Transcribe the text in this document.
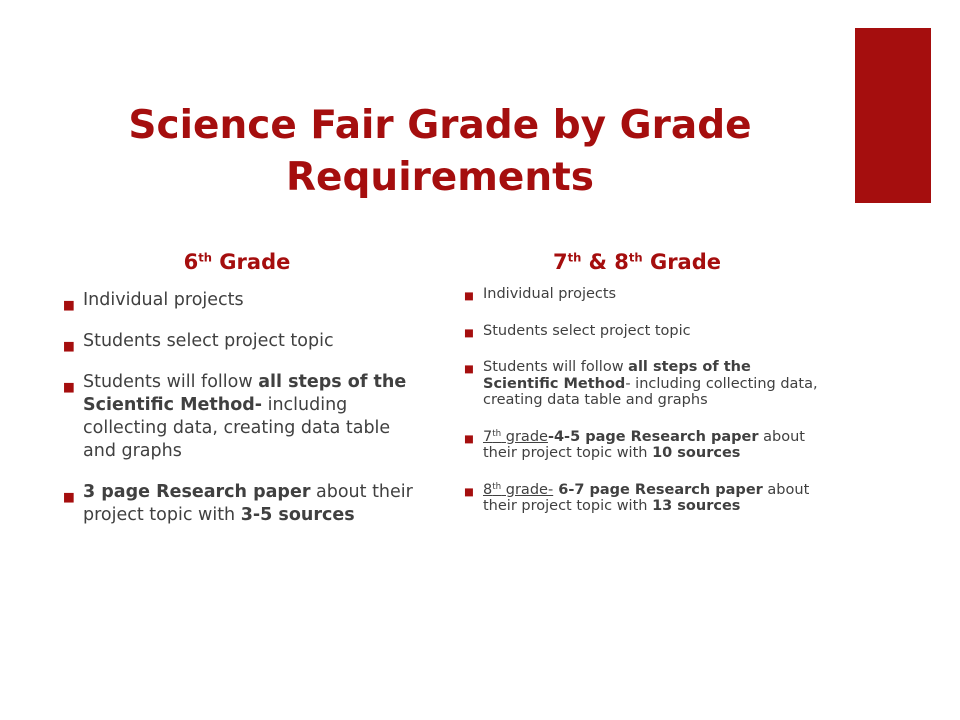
Science Fair Grade by Grade Requirements
6th Grade	7th & 8th Grade
■ Individual projects
■ Students select project topic
■ Students will follow all steps of the Scientific Method- including collecting data, creating data table and graphs
■ 3 page Research paper about their project topic with 3-5 sources
■ Individual projects
■ Students select project topic
■ Students will follow all steps of the Scientific Method- including collecting data, creating data table and graphs
■ 7th grade-4-5 page Research paper about their project topic with 10 sources
■ 8th grade- 6-7 page Research paper about their project topic with 13 sources
